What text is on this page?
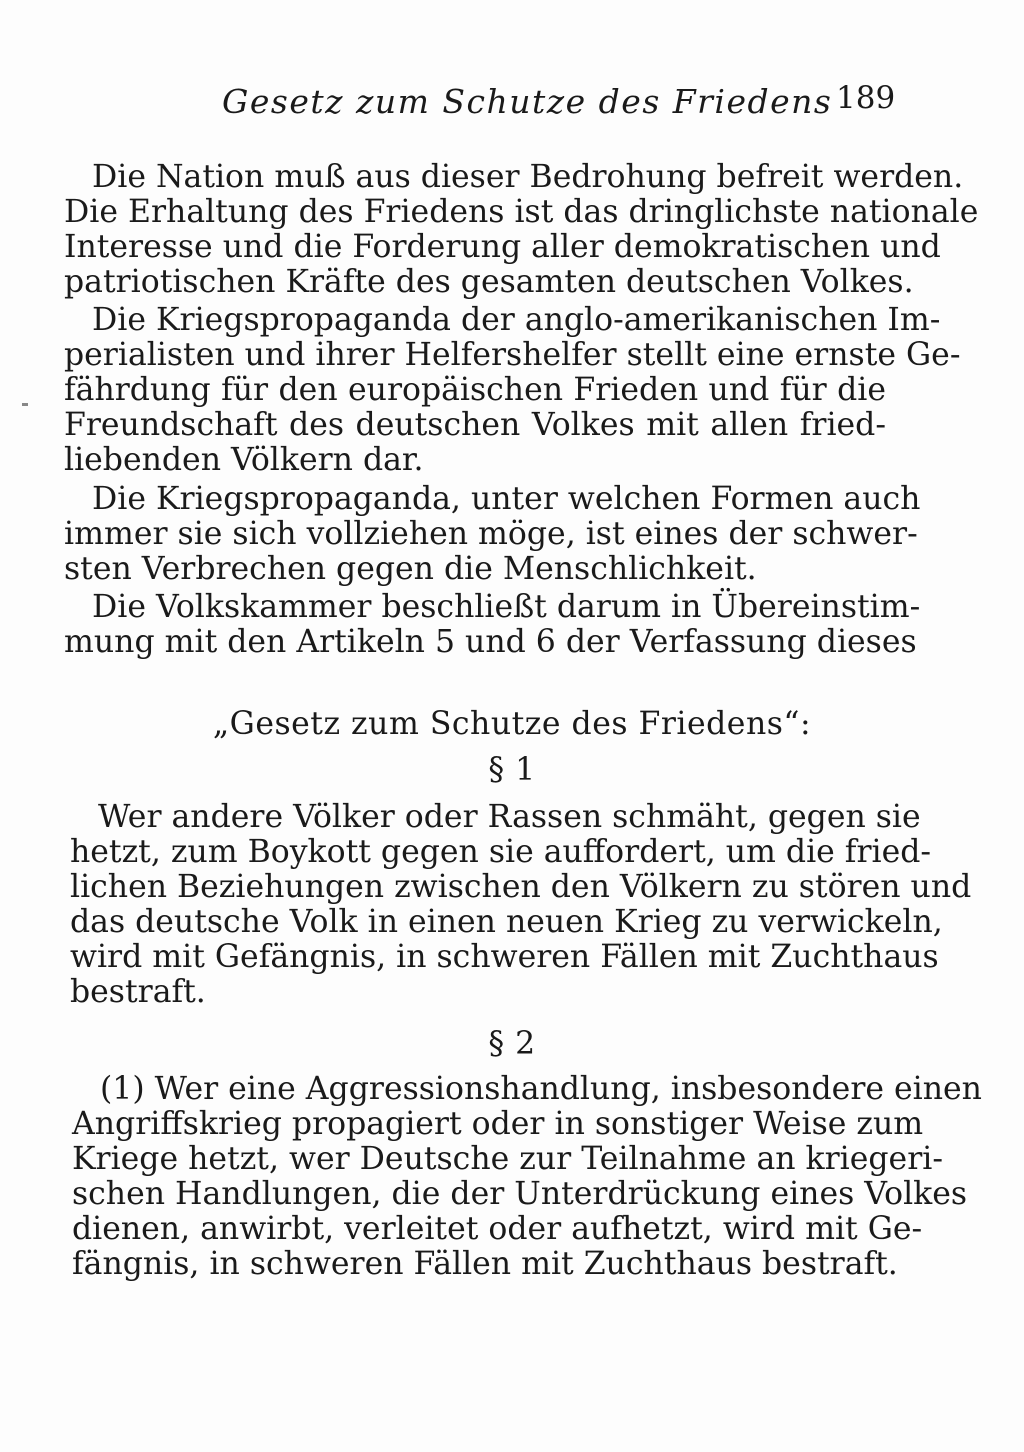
Gesetz zum Schutze des Friedens 189
Die Nation muß aus dieser Bedrohung befreit werden.
Die Erhaltung des Friedens ist das dringlichste nationale
Interesse und die Forderung aller demokratischen und
patriotischen Kräfte des gesamten deutschen Volkes.
Die Kriegspropaganda der anglo-amerikanischen Im-
perialisten und ihrer Helfershelfer stellt eine ernste Ge-
fährdung für den europäischen Frieden und für die
Freundschaft des deutschen Volkes mit allen fried-
liebenden Völkern dar.
Die Kriegspropaganda, unter welchen Formen auch
immer sie sich vollziehen möge, ist eines der schwer-
sten Verbrechen gegen die Menschlichkeit.
Die Volkskammer beschließt darum in Übereinstim-
mung mit den Artikeln 5 und 6 der Verfassung dieses
„Gesetz zum Schutze des Friedens“:
§ 1
Wer andere Völker oder Rassen schmäht, gegen sie
hetzt, zum Boykott gegen sie auffordert, um die fried-
lichen Beziehungen zwischen den Völkern zu stören und
das deutsche Volk in einen neuen Krieg zu verwickeln,
wird mit Gefängnis, in schweren Fällen mit Zuchthaus
bestraft.
§ 2
(1) Wer eine Aggressionshandlung, insbesondere einen
Angriffskrieg propagiert oder in sonstiger Weise zum
Kriege hetzt, wer Deutsche zur Teilnahme an kriegeri-
schen Handlungen, die der Unterdrückung eines Volkes
dienen, anwirbt, verleitet oder aufhetzt, wird mit Ge-
fängnis, in schweren Fällen mit Zuchthaus bestraft.
